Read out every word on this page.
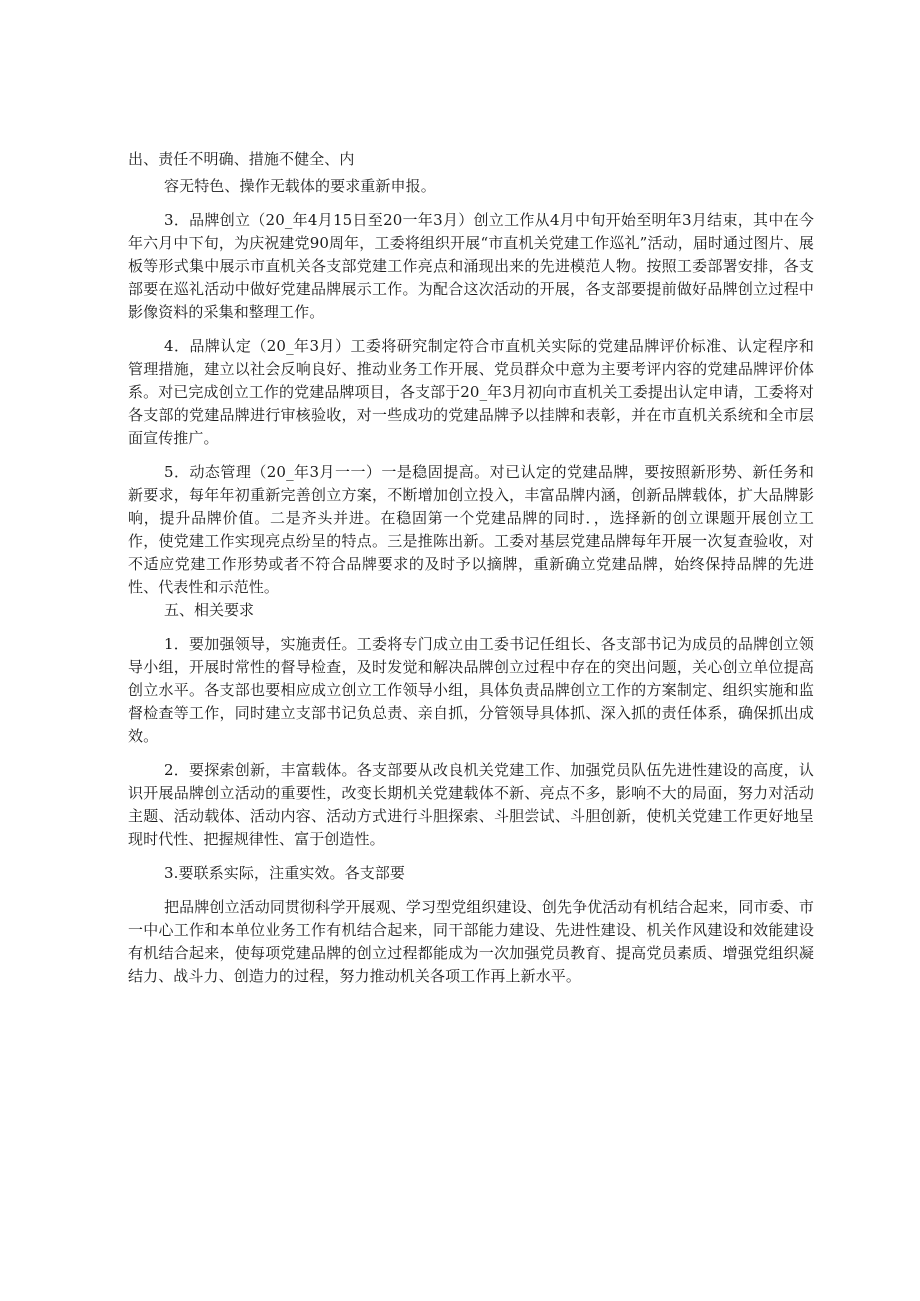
出、责任不明确、措施不健全、内

容无特色、操作无载体的要求重新申报。

3．品牌创立（20_年4月15日至20一年3月）创立工作从4月中旬开始至明年3月结束，其中在今年六月中下旬，为庆祝建党90周年，工委将组织开展“市直机关党建工作巡礼”活动，届时通过图片、展板等形式集中展示市直机关各支部党建工作亮点和涌现出来的先进模范人物。按照工委部署安排，各支部要在巡礼活动中做好党建品牌展示工作。为配合这次活动的开展，各支部要提前做好品牌创立过程中影像资料的采集和整理工作。

4．品牌认定（20_年3月）工委将研究制定符合市直机关实际的党建品牌评价标准、认定程序和管理措施，建立以社会反响良好、推动业务工作开展、党员群众中意为主要考评内容的党建品牌评价体系。对已完成创立工作的党建品牌项目，各支部于20_年3月初向市直机关工委提出认定申请，工委将对各支部的党建品牌进行审核验收，对一些成功的党建品牌予以挂牌和表彰，并在市直机关系统和全市层面宣传推广。

5．动态管理（20_年3月一一）一是稳固提高。对已认定的党建品牌，要按照新形势、新任务和新要求，每年年初重新完善创立方案，不断增加创立投入，丰富品牌内涵，创新品牌载体，扩大品牌影响，提升品牌价值。二是齐头并进。在稳固第一个党建品牌的同时．，选择新的创立课题开展创立工作，使党建工作实现亮点纷呈的特点。三是推陈出新。工委对基层党建品牌每年开展一次复查验收，对不适应党建工作形势或者不符合品牌要求的及时予以摘牌，重新确立党建品牌，始终保持品牌的先进性、代表性和示范性。

五、相关要求

1．要加强领导，实施责任。工委将专门成立由工委书记任组长、各支部书记为成员的品牌创立领导小组，开展时常性的督导检查，及时发觉和解决品牌创立过程中存在的突出问题，关心创立单位提高创立水平。各支部也要相应成立创立工作领导小组，具体负责品牌创立工作的方案制定、组织实施和监督检查等工作，同时建立支部书记负总责、亲自抓，分管领导具体抓、深入抓的责任体系，确保抓出成效。

2．要探索创新，丰富载体。各支部要从改良机关党建工作、加强党员队伍先进性建设的高度，认识开展品牌创立活动的重要性，改变长期机关党建载体不新、亮点不多，影响不大的局面，努力对活动主题、活动载体、活动内容、活动方式进行斗胆探索、斗胆尝试、斗胆创新，使机关党建工作更好地呈现时代性、把握规律性、富于创造性。

3.要联系实际，注重实效。各支部要

把品牌创立活动同贯彻科学开展观、学习型党组织建设、创先争优活动有机结合起来，同市委、市一中心工作和本单位业务工作有机结合起来，同干部能力建设、先进性建设、机关作风建设和效能建设有机结合起来，使每项党建品牌的创立过程都能成为一次加强党员教育、提高党员素质、增强党组织凝结力、战斗力、创造力的过程，努力推动机关各项工作再上新水平。
